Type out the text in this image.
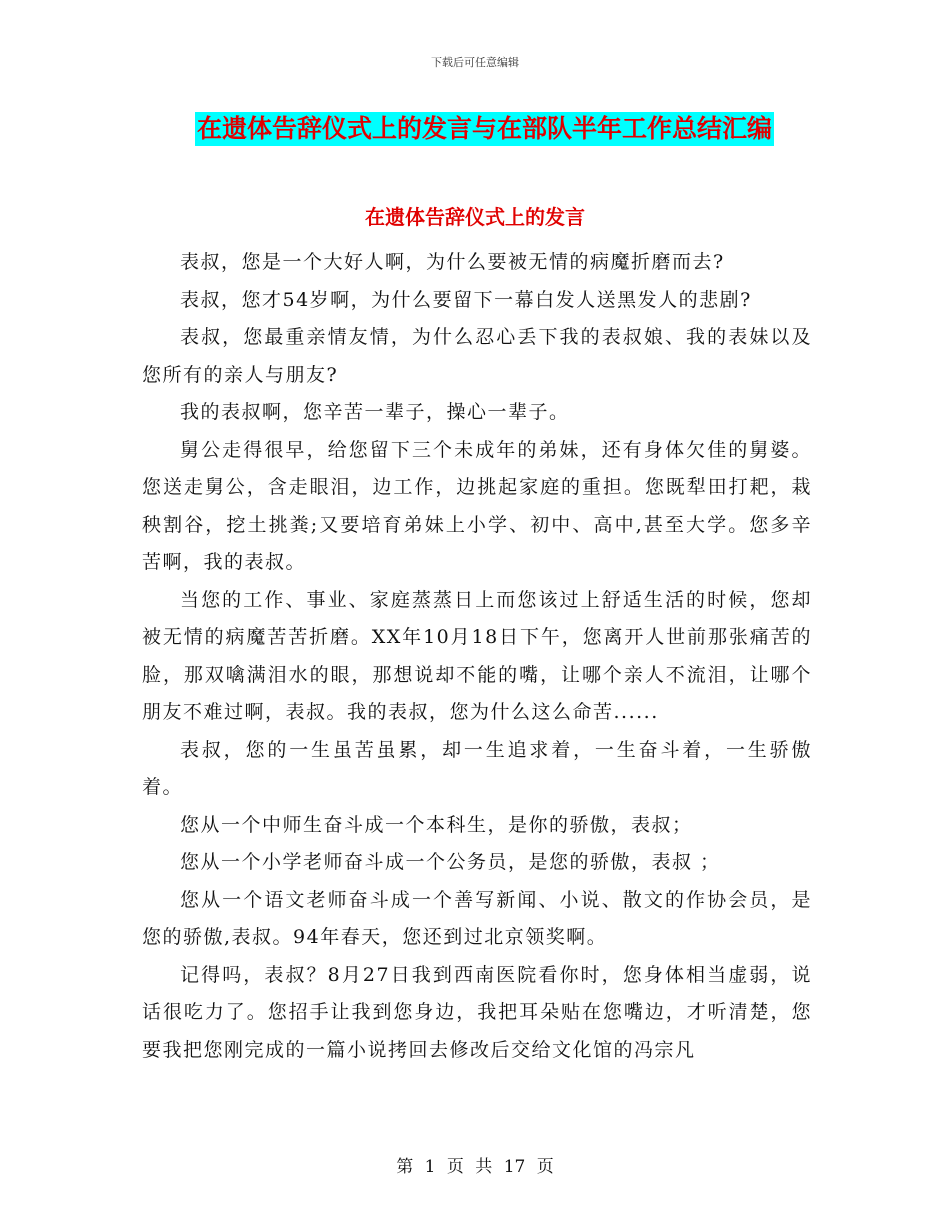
下载后可任意编辑
在遗体告辞仪式上的发言与在部队半年工作总结汇编
在遗体告辞仪式上的发言

表叔，您是一个大好人啊，为什么要被无情的病魔折磨而去?

表叔，您才54岁啊，为什么要留下一幕白发人送黑发人的悲剧?

表叔，您最重亲情友情，为什么忍心丢下我的表叔娘、我的表妹以及您所有的亲人与朋友?

我的表叔啊，您辛苦一辈子，操心一辈子。

舅公走得很早，给您留下三个未成年的弟妹，还有身体欠佳的舅婆。您送走舅公，含走眼泪，边工作，边挑起家庭的重担。您既犁田打耙，栽秧割谷，挖土挑粪;又要培育弟妹上小学、初中、高中,甚至大学。您多辛苦啊，我的表叔。

当您的工作、事业、家庭蒸蒸日上而您该过上舒适生活的时候，您却被无情的病魔苦苦折磨。XX年10月18日下午，您离开人世前那张痛苦的脸，那双噙满泪水的眼，那想说却不能的嘴，让哪个亲人不流泪，让哪个朋友不难过啊，表叔。我的表叔，您为什么这么命苦......

表叔，您的一生虽苦虽累，却一生追求着，一生奋斗着，一生骄傲着。

您从一个中师生奋斗成一个本科生，是你的骄傲，表叔；

您从一个小学老师奋斗成一个公务员，是您的骄傲，表叔 ；

您从一个语文老师奋斗成一个善写新闻、小说、散文的作协会员，是您的骄傲,表叔。94年春天，您还到过北京领奖啊。

记得吗，表叔？8月27日我到西南医院看你时，您身体相当虚弱，说话很吃力了。您招手让我到您身边，我把耳朵贴在您嘴边，才听清楚，您要我把您刚完成的一篇小说拷回去修改后交给文化馆的冯宗凡

第 1 页 共 17 页
